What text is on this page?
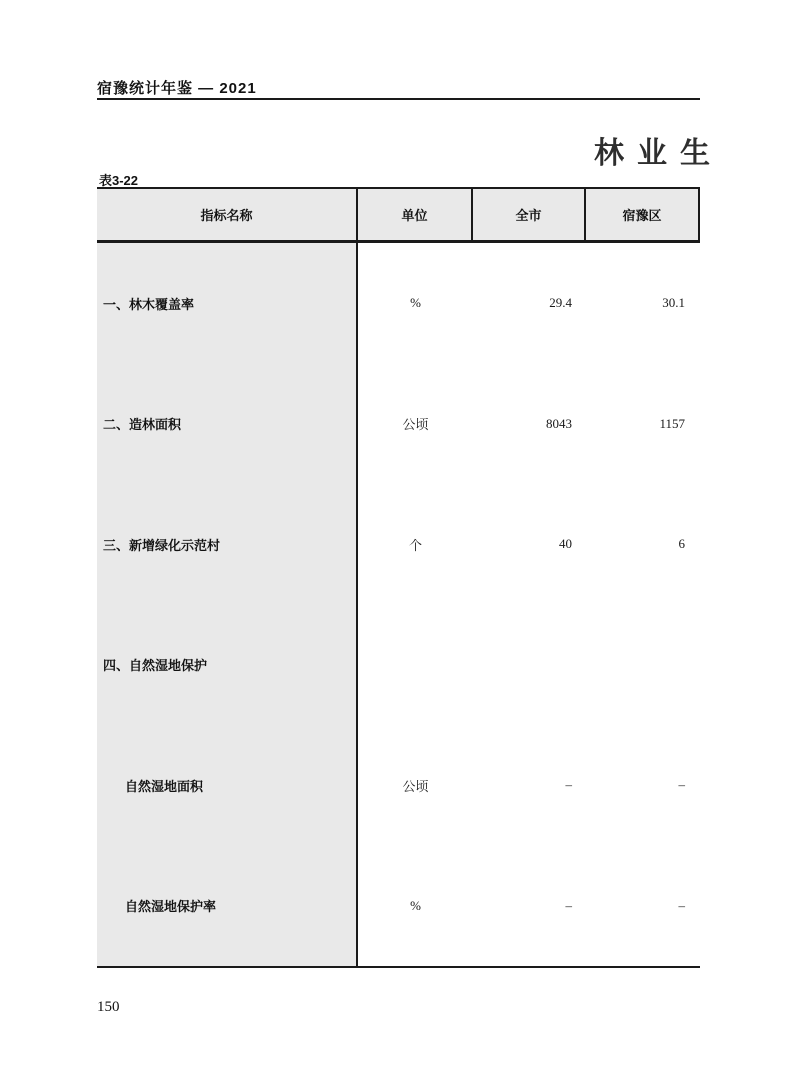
宿豫统计年鉴 — 2021
林业生
表3-22
指标名称	单位	全市	宿豫区
一、林木覆盖率	%	29.4	30.1
二、造林面积	公顷	8043	1157
三、新增绿化示范村	个	40	6
四、自然湿地保护
自然湿地面积	公顷	–	–
自然湿地保护率	%	–	–
150
